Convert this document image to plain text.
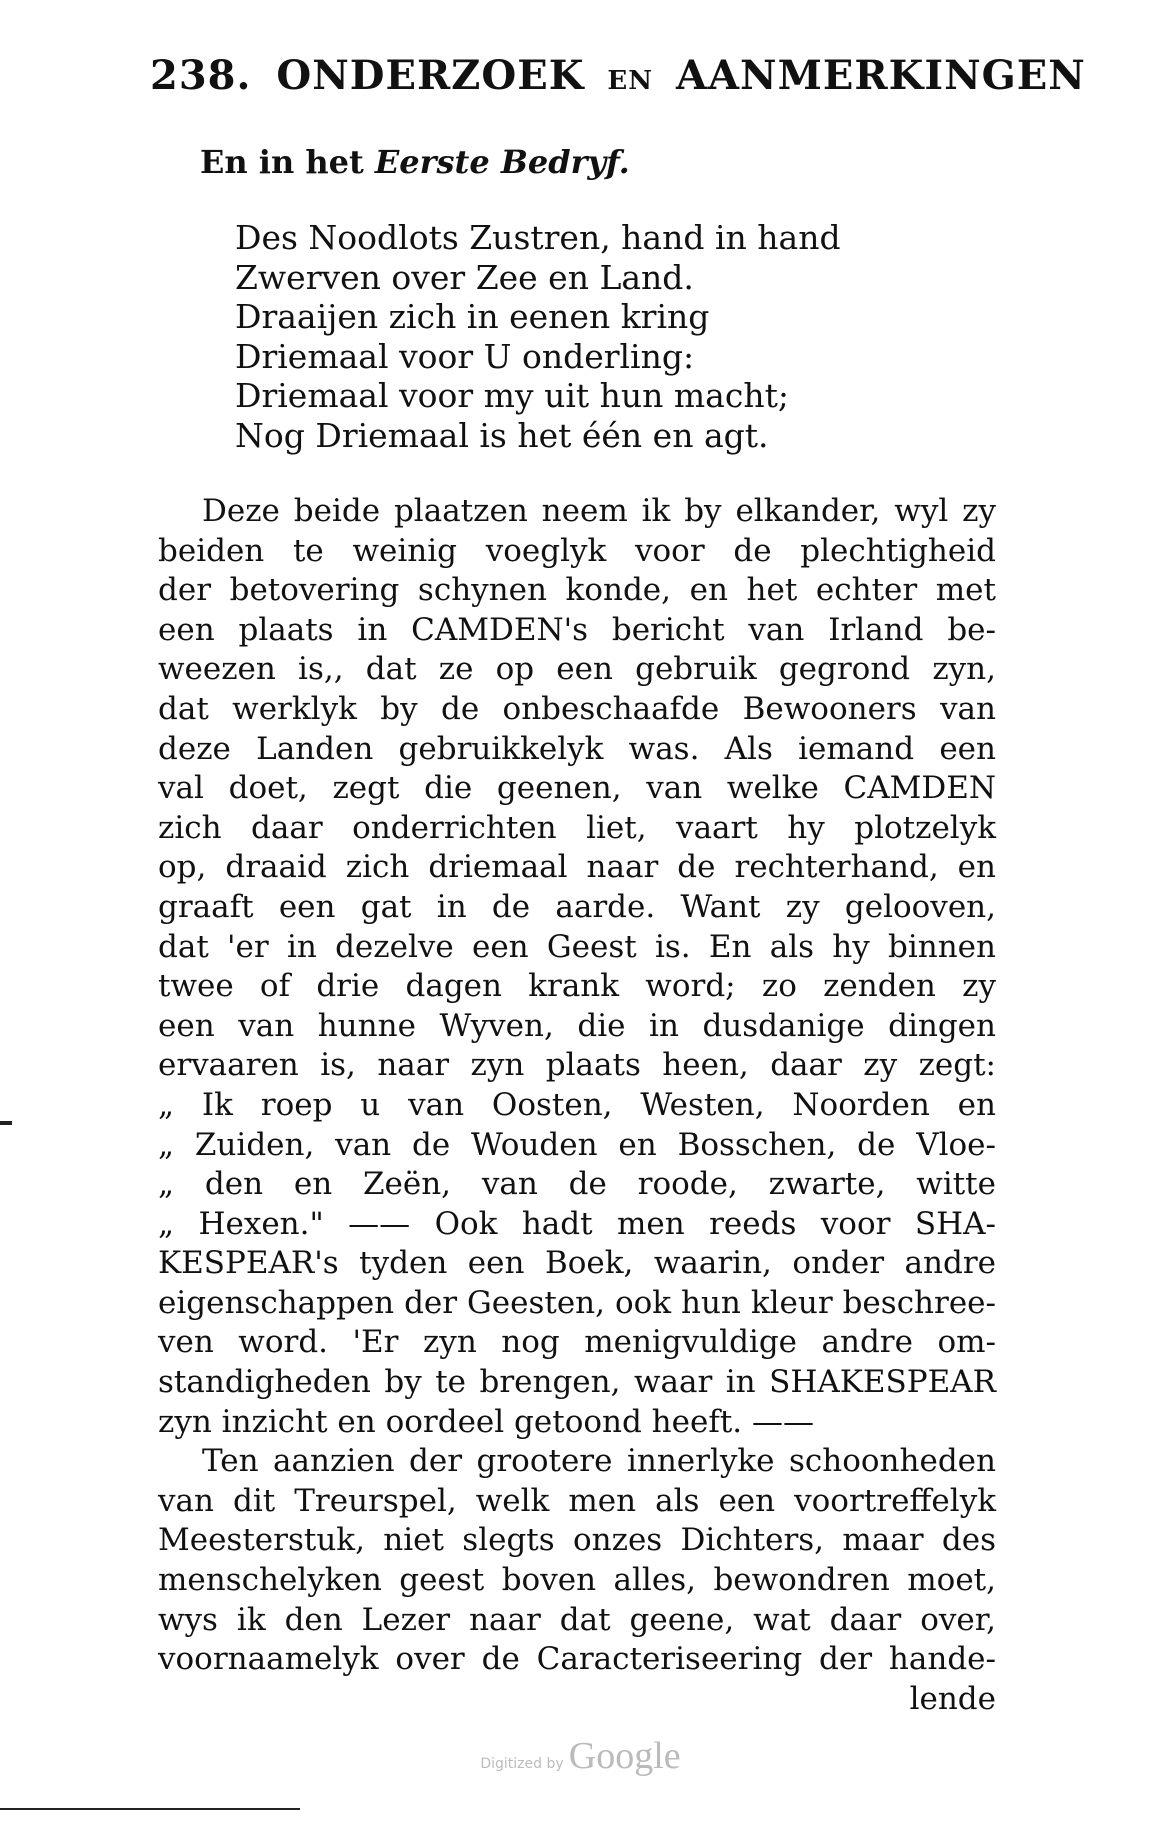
238. ONDERZOEK EN AANMERKINGEN
En in het Eerste Bedryf.
Des Noodlots Zustren, hand in hand
Zwerven over Zee en Land.
Draaijen zich in eenen kring
Driemaal voor U onderling:
Driemaal voor my uit hun macht;
Nog Driemaal is het één en agt.
Deze beide plaatzen neem ik by elkander, wyl zy
beiden te weinig voeglyk voor de plechtigheid
der betovering schynen konde, en het echter met
een plaats in CAMDEN's bericht van Irland be-
weezen is,, dat ze op een gebruik gegrond zyn,
dat werklyk by de onbeschaafde Bewooners van
deze Landen gebruikkelyk was. Als iemand een
val doet, zegt die geenen, van welke CAMDEN
zich daar onderrichten liet, vaart hy plotzelyk
op, draaid zich driemaal naar de rechterhand, en
graaft een gat in de aarde. Want zy gelooven,
dat 'er in dezelve een Geest is. En als hy binnen
twee of drie dagen krank word; zo zenden zy
een van hunne Wyven, die in dusdanige dingen
ervaaren is, naar zyn plaats heen, daar zy zegt:
„ Ik roep u van Oosten, Westen, Noorden en
„ Zuiden, van de Wouden en Bosschen, de Vloe-
„ den en Zeën, van de roode, zwarte, witte
„ Hexen." —— Ook hadt men reeds voor SHA-
KESPEAR's tyden een Boek, waarin, onder andre
eigenschappen der Geesten, ook hun kleur beschree-
ven word. 'Er zyn nog menigvuldige andre om-
standigheden by te brengen, waar in SHAKESPEAR
zyn inzicht en oordeel getoond heeft. ——
Ten aanzien der grootere innerlyke schoonheden
van dit Treurspel, welk men als een voortreffelyk
Meesterstuk, niet slegts onzes Dichters, maar des
menschelyken geest boven alles, bewondren moet,
wys ik den Lezer naar dat geene, wat daar over,
voornaamelyk over de Caracteriseering der hande-
lende
Digitized by Google
